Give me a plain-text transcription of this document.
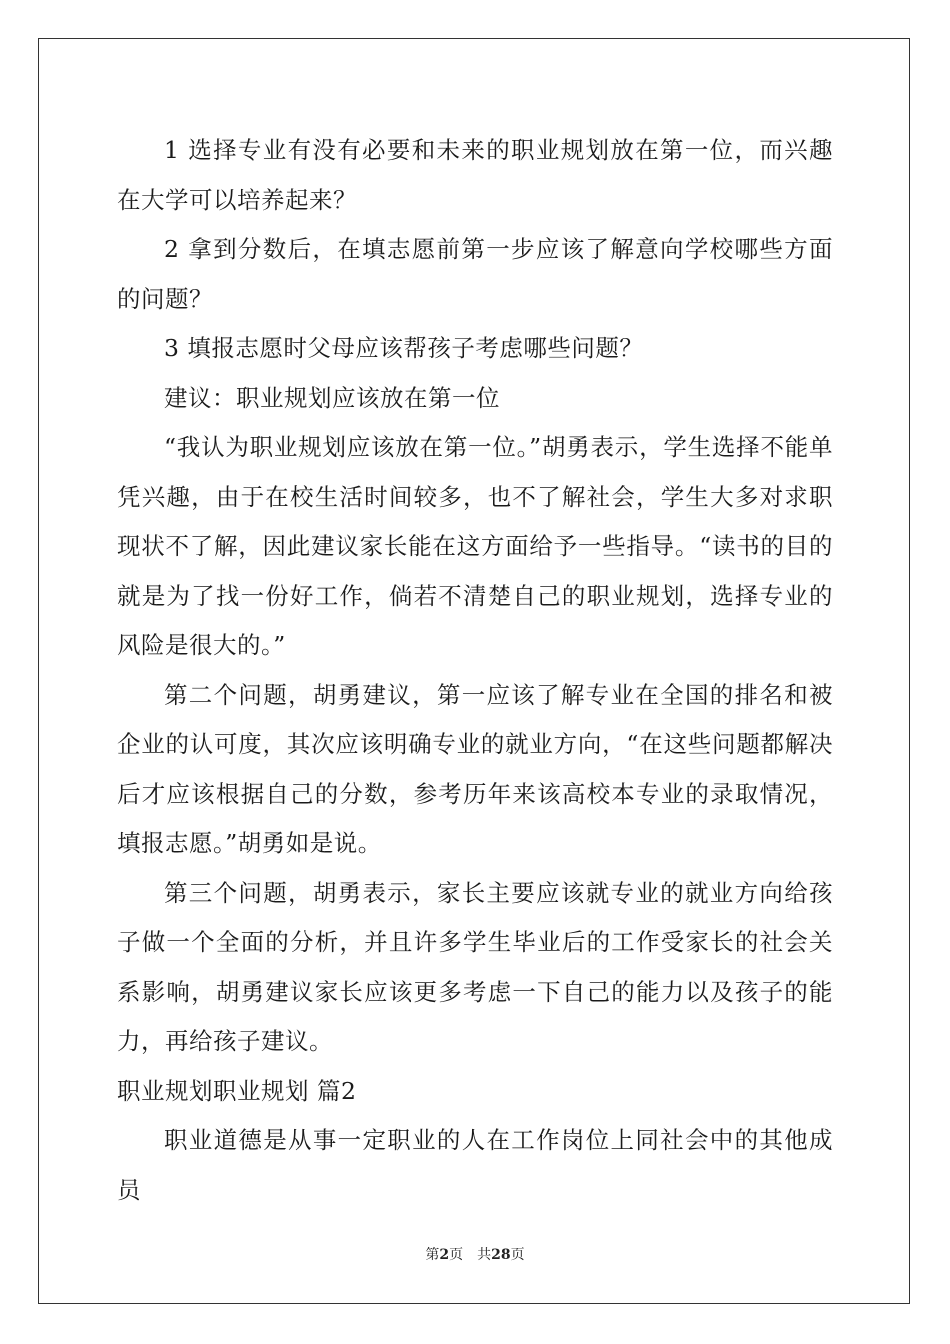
1 选择专业有没有必要和未来的职业规划放在第一位，而兴趣在大学可以培养起来？

2 拿到分数后，在填志愿前第一步应该了解意向学校哪些方面的问题？

3 填报志愿时父母应该帮孩子考虑哪些问题？

建议：职业规划应该放在第一位

“我认为职业规划应该放在第一位。”胡勇表示，学生选择不能单凭兴趣，由于在校生活时间较多，也不了解社会，学生大多对求职现状不了解，因此建议家长能在这方面给予一些指导。“读书的目的就是为了找一份好工作，倘若不清楚自己的职业规划，选择专业的风险是很大的。”

第二个问题，胡勇建议，第一应该了解专业在全国的排名和被企业的认可度，其次应该明确专业的就业方向，“在这些问题都解决后才应该根据自己的分数，参考历年来该高校本专业的录取情况，填报志愿。”胡勇如是说。

第三个问题，胡勇表示，家长主要应该就专业的就业方向给孩子做一个全面的分析，并且许多学生毕业后的工作受家长的社会关系影响，胡勇建议家长应该更多考虑一下自己的能力以及孩子的能力，再给孩子建议。

职业规划职业规划 篇2

职业道德是从事一定职业的人在工作岗位上同社会中的其他成员

第2页　共28页
